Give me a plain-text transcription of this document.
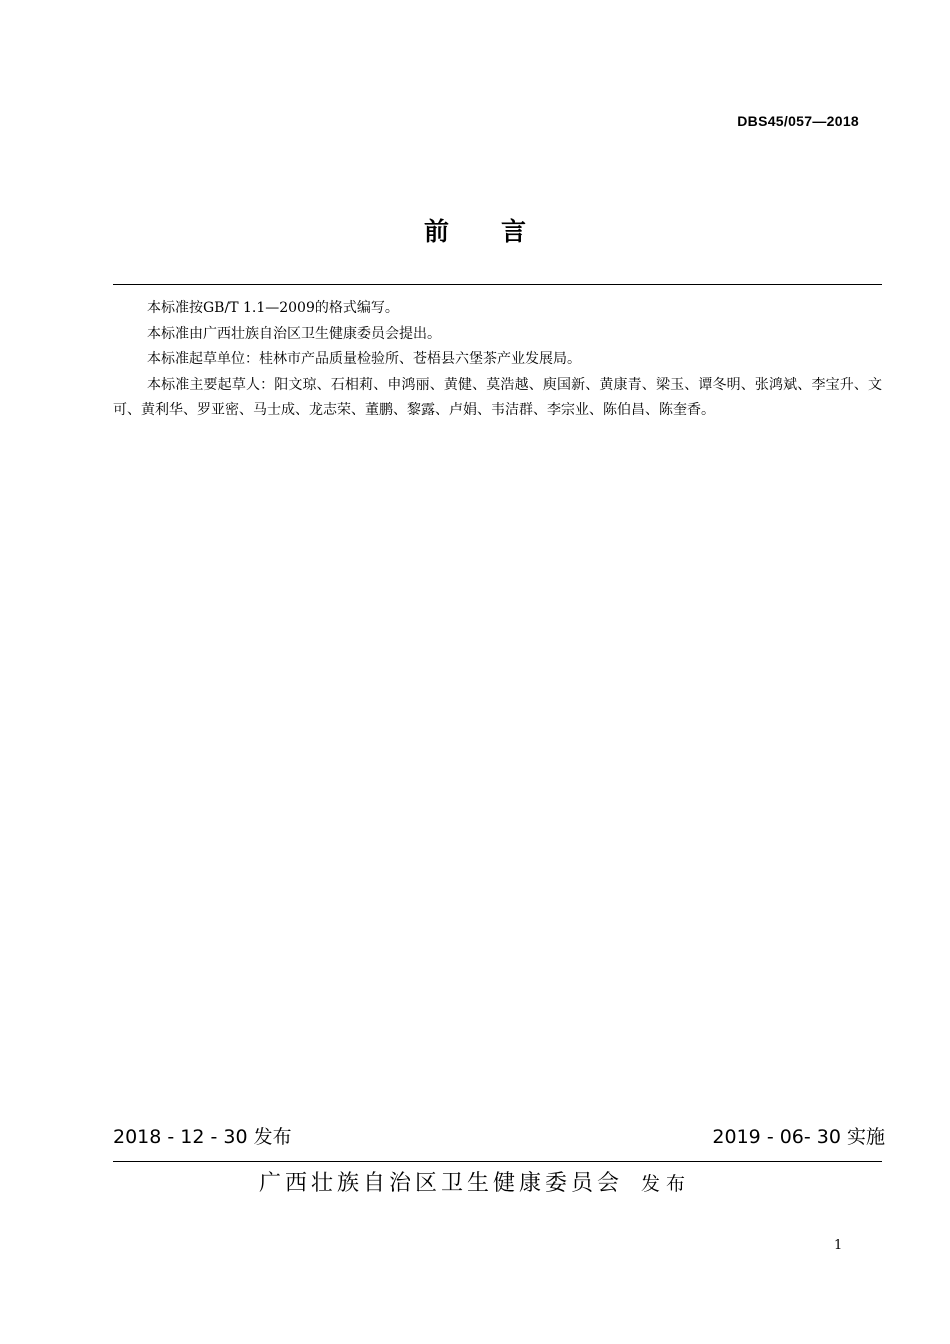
DBS45/057—2018
前言

本标准按GB/T 1.1—2009的格式编写。

本标准由广西壮族自治区卫生健康委员会提出。

本标准起草单位：桂林市产品质量检验所、苍梧县六堡茶产业发展局。

本标准主要起草人：阳文琼、石相莉、申鸿丽、黄健、莫浩越、庾国新、黄康青、梁玉、谭冬明、张鸿斌、李宝升、文可、黄利华、罗亚密、马士成、龙志荣、董鹏、黎露、卢娟、韦洁群、李宗业、陈伯昌、陈奎香。

2018 - 12 - 30 发布	2019 - 06- 30 实施
广西壮族自治区卫生健康委员会 发布
1
